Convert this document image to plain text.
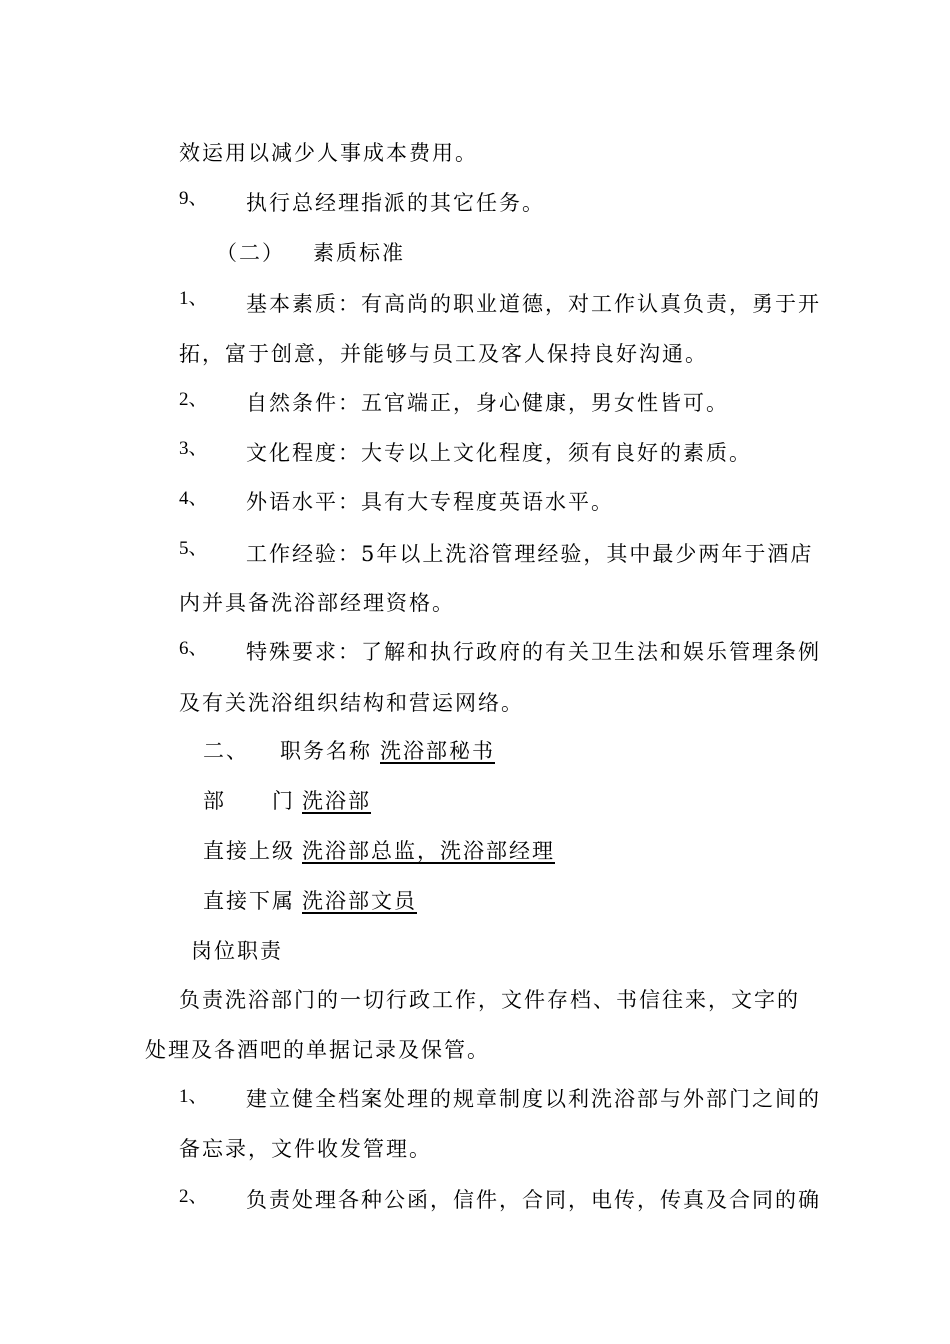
效运用以减少人事成本费用。
9、 执行总经理指派的其它任务。
（二） 素质标准
1、 基本素质：有高尚的职业道德，对工作认真负责，勇于开
拓，富于创意，并能够与员工及客人保持良好沟通。
2、 自然条件：五官端正，身心健康，男女性皆可。
3、 文化程度：大专以上文化程度，须有良好的素质。
4、 外语水平：具有大专程度英语水平。
5、 工作经验：5年以上洗浴管理经验，其中最少两年于酒店
内并具备洗浴部经理资格。
6、 特殊要求：了解和执行政府的有关卫生法和娱乐管理条例
及有关洗浴组织结构和营运网络。
二、 职务名称 洗浴部秘书
部　　门 洗浴部
直接上级 洗浴部总监，洗浴部经理
直接下属 洗浴部文员
岗位职责
负责洗浴部门的一切行政工作，文件存档、书信往来，文字的
处理及各酒吧的单据记录及保管。
1、 建立健全档案处理的规章制度以利洗浴部与外部门之间的
备忘录，文件收发管理。
2、 负责处理各种公函，信件，合同，电传，传真及合同的确
